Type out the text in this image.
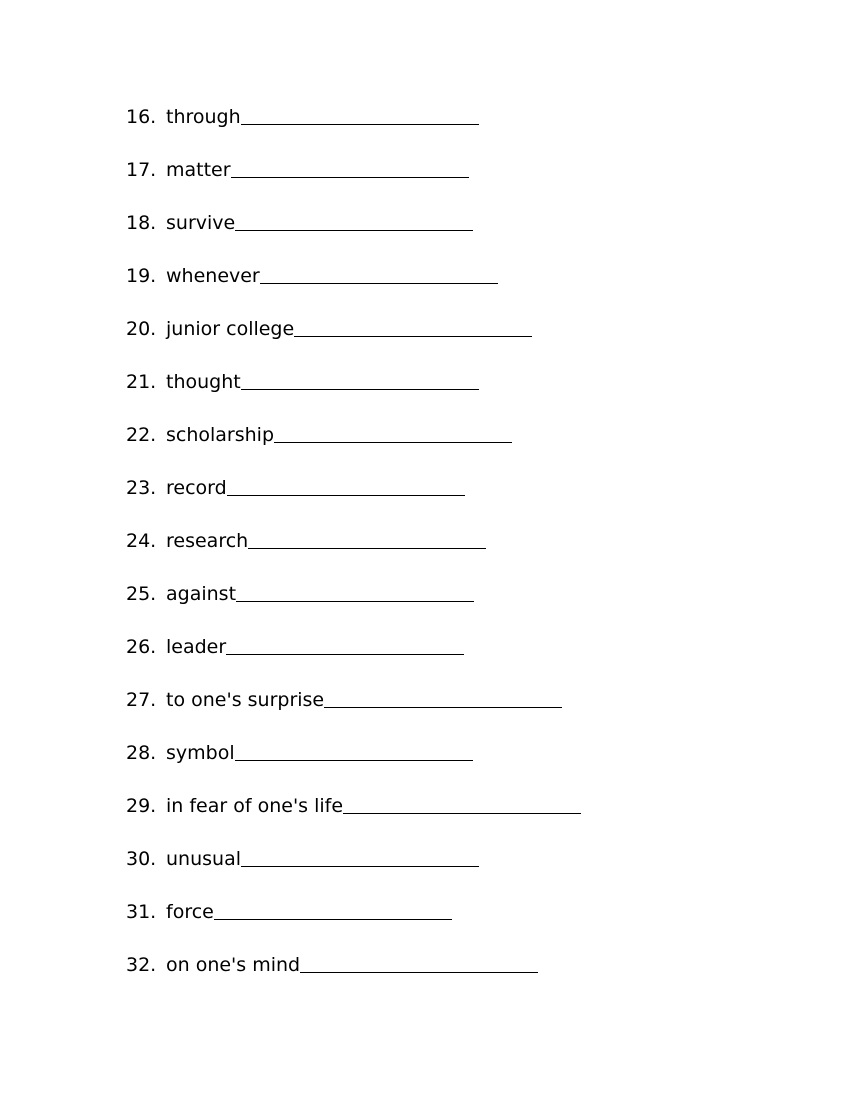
16. through
17. matter
18. survive
19. whenever
20. junior college
21. thought
22. scholarship
23. record
24. research
25. against
26. leader
27. to one's surprise
28. symbol
29. in fear of one's life
30. unusual
31. force
32. on one's mind
